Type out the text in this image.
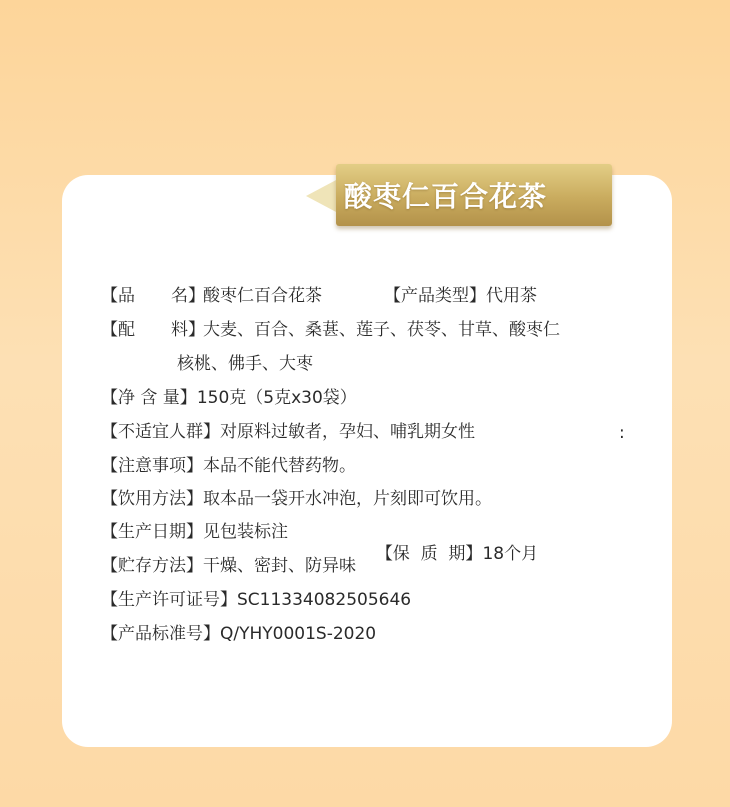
酸枣仁百合花茶
【品 名】酸枣仁百合花茶	【产品类型】代用茶
【配 料】大麦、百合、桑葚、莲子、茯苓、甘草、酸枣仁
核桃、佛手、大枣
【净 含 量】150克（5克x30袋）
【不适宜人群】对原料过敏者，孕妇、哺乳期女性	:
【注意事项】本品不能代替药物。
【饮用方法】取本品一袋开水冲泡，片刻即可饮用。
【生产日期】见包装标注

【保  质  期】18个月

【贮存方法】干燥、密封、防异味
【生产许可证号】SC11334082505646
【产品标准号】Q/YHY0001S-2020
